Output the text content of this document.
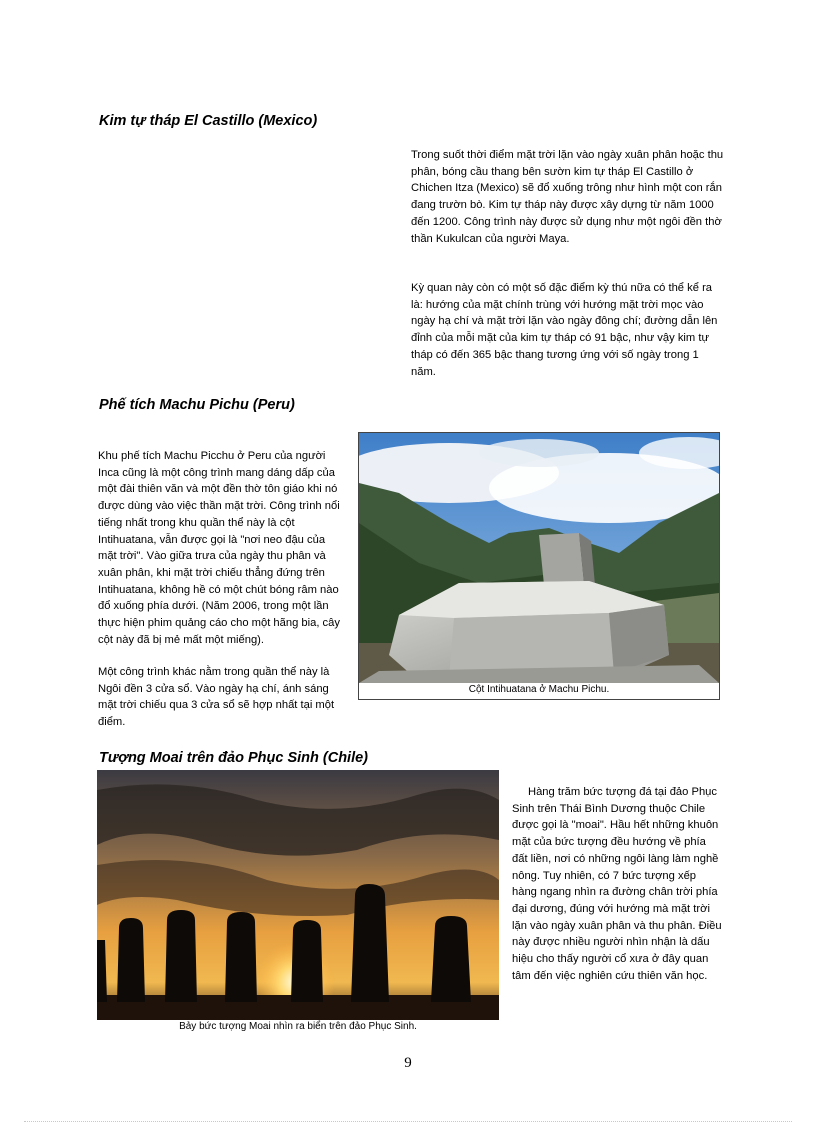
Kim tự tháp El Castillo (Mexico)

Trong suốt thời điểm mặt trời lặn vào ngày xuân phân hoặc thu phân, bóng cầu thang bên sườn kim tự tháp El Castillo ở Chichen Itza (Mexico) sẽ đổ xuống trông như hình một con rắn đang trườn bò. Kim tự tháp này được xây dựng từ năm 1000 đến 1200. Công trình này được sử dụng như một ngôi đền thờ thần Kukulcan của người Maya.

Kỳ quan này còn có một số đặc điểm kỳ thú nữa có thể kể ra là: hướng của mặt chính trùng với hướng mặt trời mọc vào ngày hạ chí và mặt trời lặn vào ngày đông chí; đường dẫn lên đỉnh của mỗi mặt của kim tự tháp có 91 bậc, như vậy kim tự tháp có đến 365 bậc thang tương ứng với số ngày trong 1 năm.

Phế tích Machu Pichu (Peru)

Khu phế tích Machu Picchu ở Peru của người Inca cũng là một công trình mang dáng dấp của một đài thiên văn và một đền thờ tôn giáo khi nó được dùng vào việc thần mặt trời. Công trình nổi tiếng nhất trong khu quần thể này là cột Intihuatana, vẫn được gọi là "nơi neo đậu của mặt trời". Vào giữa trưa của ngày thu phân và xuân phân, khi mặt trời chiếu thẳng đứng trên Intihuatana, không hề có một chút bóng râm nào đổ xuống phía dưới. (Năm 2006, trong một lần thực hiện phim quảng cáo cho một hãng bia, cây cột này đã bị mẻ mất một miếng).

Một công trình khác nằm trong quần thể này là Ngôi đền 3 cửa sổ. Vào ngày hạ chí, ánh sáng mặt trời chiếu qua 3 cửa sổ sẽ hợp nhất tại một điểm.

Cột Intihuatana ở Machu Pichu.
Tượng Moai trên đảo Phục Sinh (Chile)
Bảy bức tượng Moai nhìn ra biển trên đảo Phục Sinh.

Hàng trăm bức tượng đá tại đảo Phục Sinh trên Thái Bình Dương thuộc Chile được gọi là "moai". Hầu hết những khuôn mặt của bức tượng đều hướng về phía đất liền, nơi có những ngôi làng làm nghề nông. Tuy nhiên, có 7 bức tượng xếp hàng ngang nhìn ra đường chân trời phía đại dương, đúng với hướng mà mặt trời lặn vào ngày xuân phân và thu phân. Điều này được nhiều người nhìn nhận là dấu hiệu cho thấy người cổ xưa ở đây quan tâm đến việc nghiên cứu thiên văn học.

9
